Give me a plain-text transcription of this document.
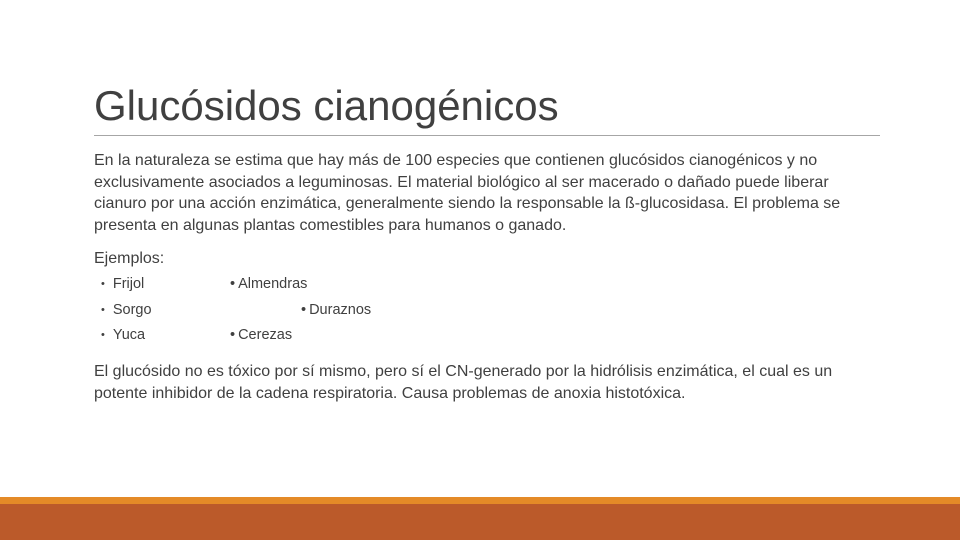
Glucósidos cianogénicos
En la naturaleza se estima que hay más de 100 especies que contienen glucósidos cianogénicos y no exclusivamente asociados a leguminosas. El material biológico al ser macerado o dañado puede liberar cianuro por una acción enzimática, generalmente siendo la responsable la ß-glucosidasa. El problema se presenta en algunas plantas comestibles para humanos o ganado.
Ejemplos:
• Frijol
• Sorgo
• Yuca
• Almendras
• Duraznos
• Cerezas
El glucósido no es tóxico por sí mismo, pero sí el CN-generado por la hidrólisis enzimática, el cual es un potente inhibidor de la cadena respiratoria. Causa problemas de anoxia histotóxica.
